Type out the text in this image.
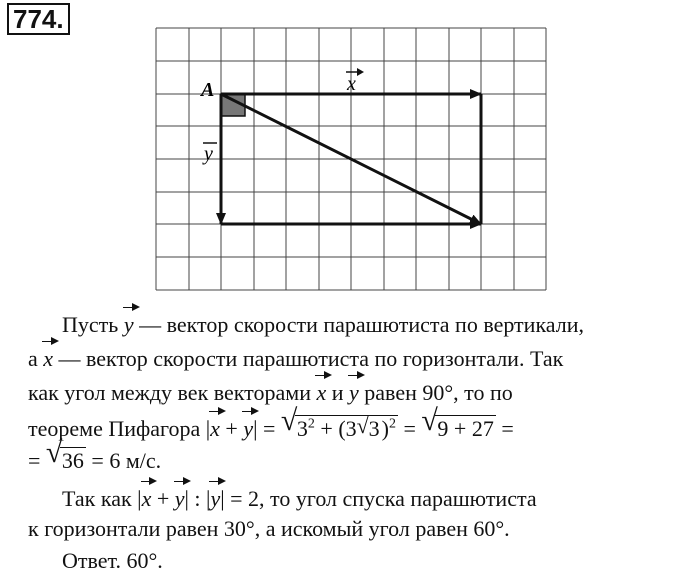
774.
A	x
y
Пусть y — вектор скорости парашютиста по вертикали,
а x — вектор скорости парашютиста по горизонтали. Так
как угол между век векторами x и y равен 90°, то по
теореме Пифагора |x + y| = √ $3^2 + (3$ √ 3)$^2$ = √ 9 + 27 =
= √ 36 = 6 м/с.
Так как |x + y| : |y| = 2, то угол спуска парашютиста
к горизонтали равен 30°, а искомый угол равен 60°.
Ответ. 60°.
